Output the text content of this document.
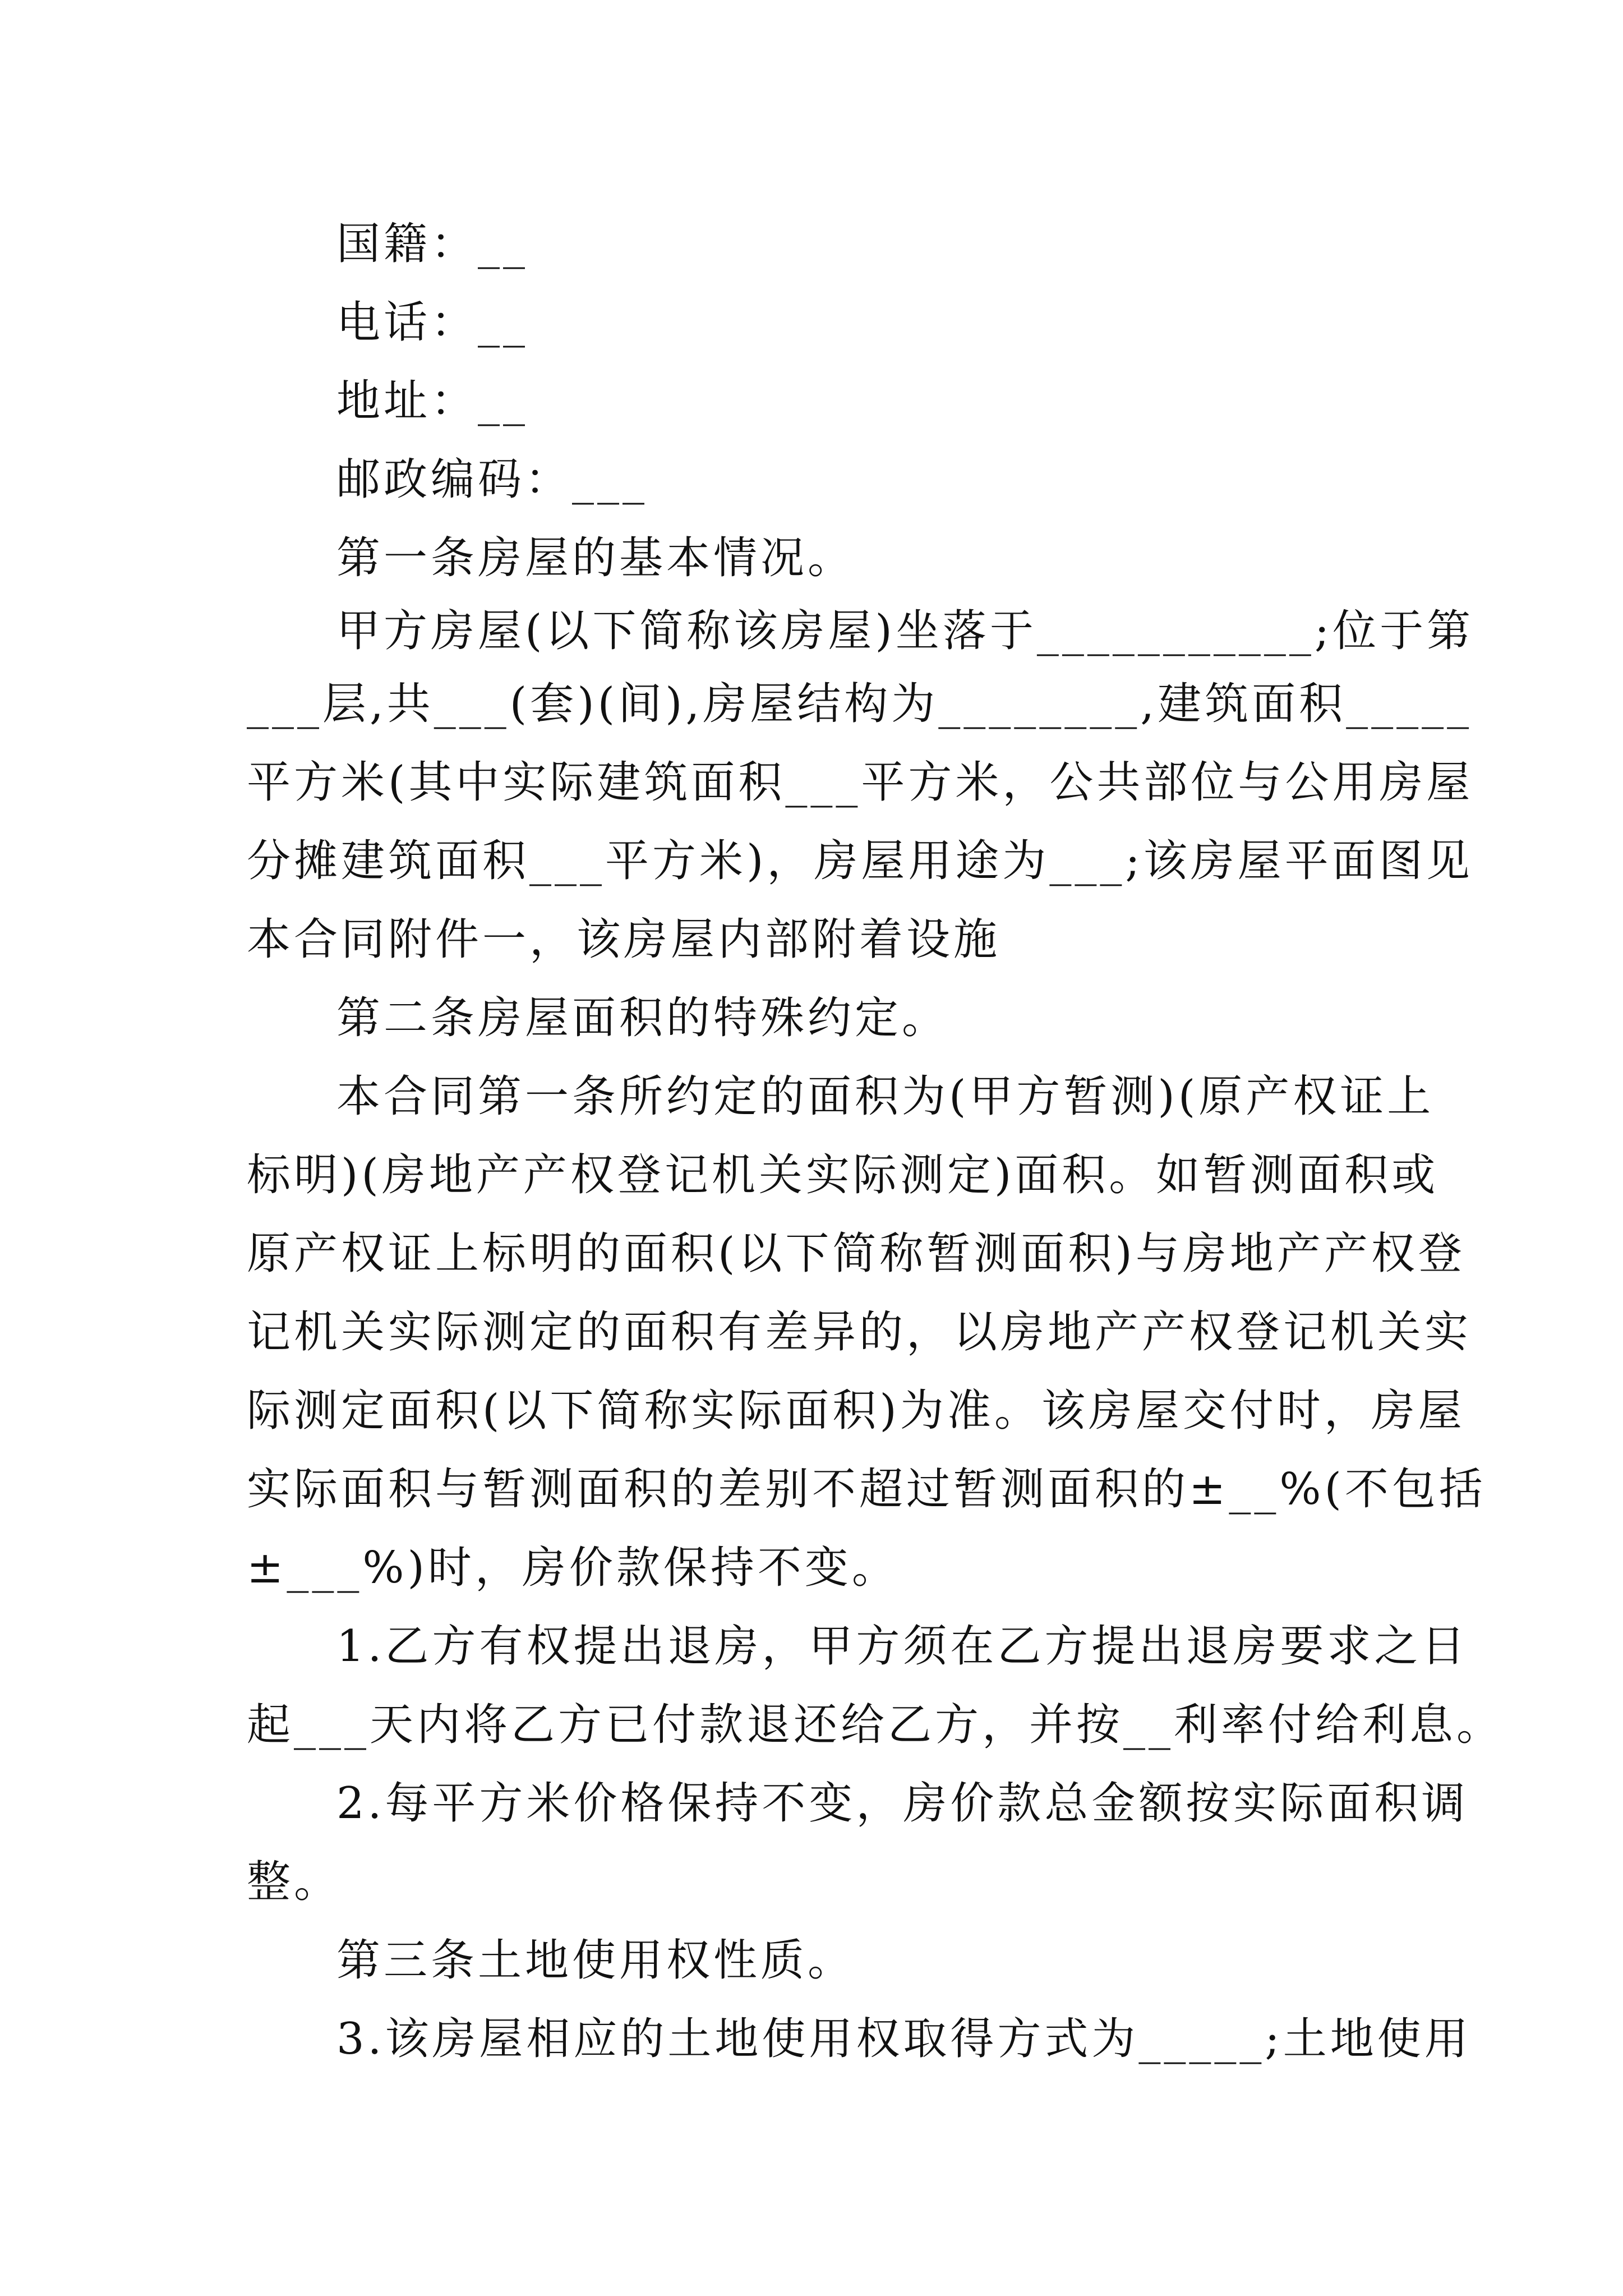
国籍：__
电话：__
地址：__
邮政编码：___
第一条房屋的基本情况。
甲方房屋(以下简称该房屋)坐落于___________;位于第
___层,共___(套)(间),房屋结构为________,建筑面积_____
平方米(其中实际建筑面积___平方米，公共部位与公用房屋
分摊建筑面积___平方米)，房屋用途为___;该房屋平面图见
本合同附件一，该房屋内部附着设施
第二条房屋面积的特殊约定。
本合同第一条所约定的面积为(甲方暂测)(原产权证上
标明)(房地产产权登记机关实际测定)面积。如暂测面积或
原产权证上标明的面积(以下简称暂测面积)与房地产产权登
记机关实际测定的面积有差异的，以房地产产权登记机关实
际测定面积(以下简称实际面积)为准。该房屋交付时，房屋
实际面积与暂测面积的差别不超过暂测面积的±__%(不包括
±___%)时，房价款保持不变。
1.乙方有权提出退房，甲方须在乙方提出退房要求之日
起___天内将乙方已付款退还给乙方，并按__利率付给利息。
2.每平方米价格保持不变，房价款总金额按实际面积调
整。
第三条土地使用权性质。
3.该房屋相应的土地使用权取得方式为_____;土地使用
